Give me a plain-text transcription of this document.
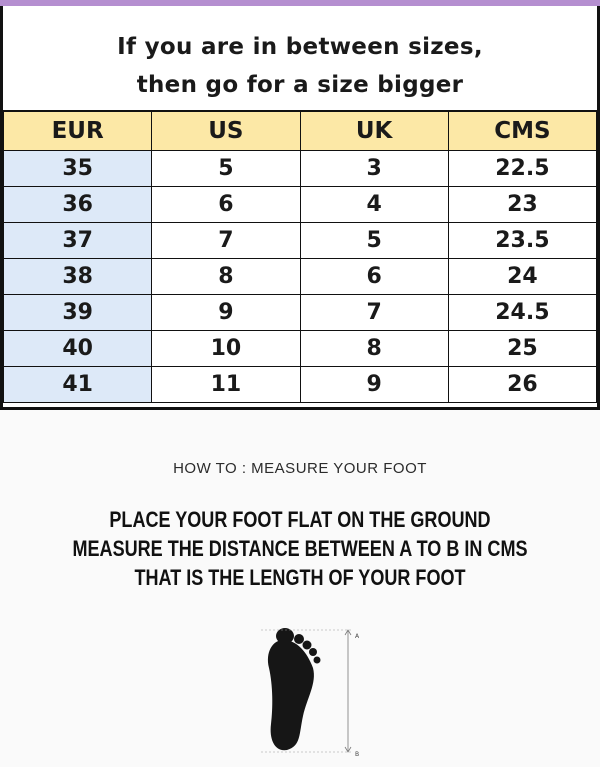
If you are in between sizes,
then go for a size bigger
EUR	US	UK	CMS
35	5	3	22.5
36	6	4	23
37	7	5	23.5
38	8	6	24
39	9	7	24.5
40	10	8	25
41	11	9	26
HOW TO : MEASURE YOUR FOOT
PLACE YOUR FOOT FLAT ON THE GROUND
MEASURE THE DISTANCE BETWEEN A TO B IN CMS
THAT IS THE LENGTH OF YOUR FOOT
A
B
